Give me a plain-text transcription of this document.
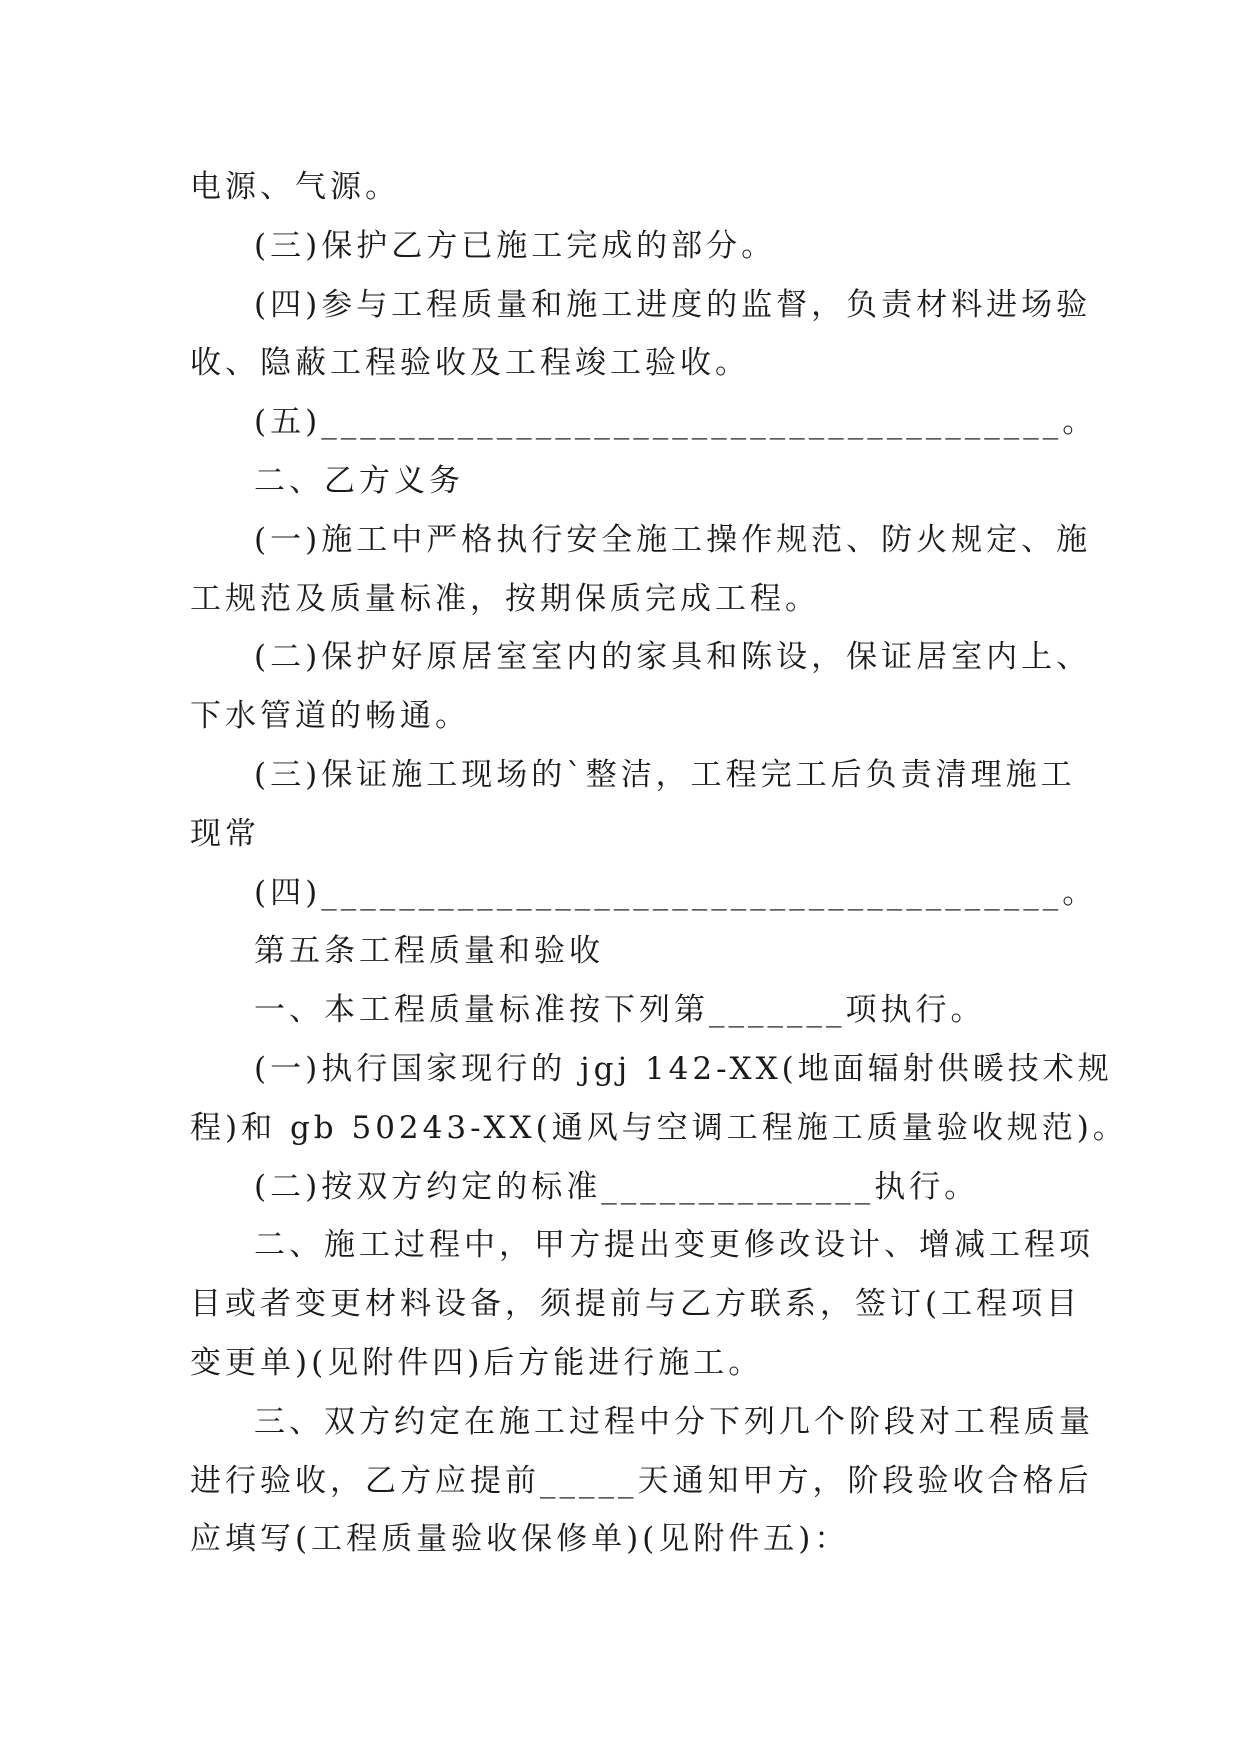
电源、气源。

(三)保护乙方已施工完成的部分。

(四)参与工程质量和施工进度的监督，负责材料进场验

收、隐蔽工程验收及工程竣工验收。

(五)______________________________________。

二、乙方义务

(一)施工中严格执行安全施工操作规范、防火规定、施

工规范及质量标准，按期保质完成工程。

(二)保护好原居室室内的家具和陈设，保证居室内上、

下水管道的畅通。

(三)保证施工现场的`整洁，工程完工后负责清理施工

现常

(四)______________________________________。

第五条工程质量和验收

一、本工程质量标准按下列第_______项执行。

(一)执行国家现行的 jgj 142-XX(地面辐射供暖技术规

程)和 gb 50243-XX(通风与空调工程施工质量验收规范)。

(二)按双方约定的标准______________执行。

二、施工过程中，甲方提出变更修改设计、增减工程项

目或者变更材料设备，须提前与乙方联系，签订(工程项目

变更单)(见附件四)后方能进行施工。

三、双方约定在施工过程中分下列几个阶段对工程质量

进行验收，乙方应提前_____天通知甲方，阶段验收合格后

应填写(工程质量验收保修单)(见附件五)：
